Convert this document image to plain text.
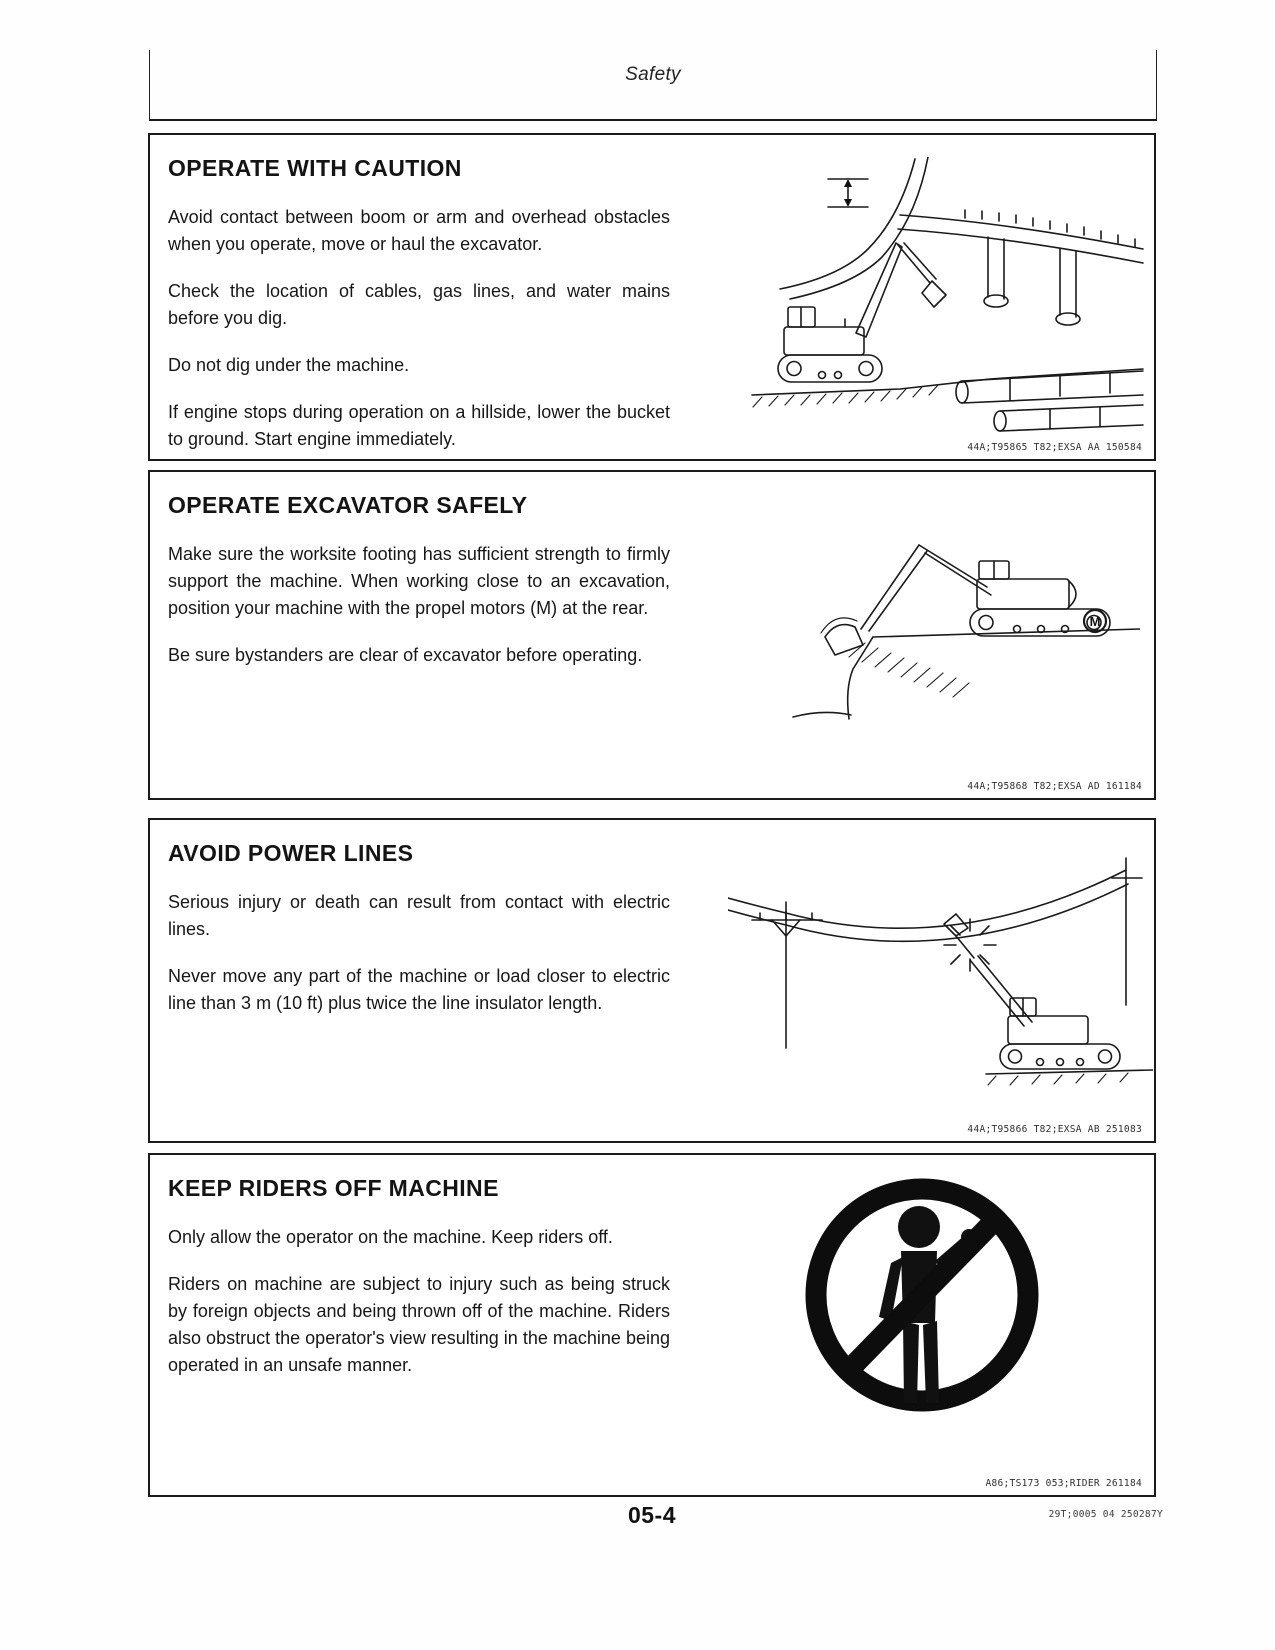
Safety
OPERATE WITH CAUTION

Avoid contact between boom or arm and overhead obstacles when you operate, move or haul the excavator.

Check the location of cables, gas lines, and water mains before you dig.

Do not dig under the machine.

If engine stops during operation on a hillside, lower the bucket to ground. Start engine immediately.	44A;T95865 T82;EXSA AA 150584
OPERATE EXCAVATOR SAFELY

Make sure the worksite footing has sufficient strength to firmly support the machine. When working close to an excavation, position your machine with the propel motors (M) at the rear.

Be sure bystanders are clear of excavator before operating.

M
44A;T95868 T82;EXSA AD 161184
AVOID POWER LINES

Serious injury or death can result from contact with electric lines.

Never move any part of the machine or load closer to electric line than 3 m (10 ft) plus twice the line insulator length.

44A;T95866 T82;EXSA AB 251083
KEEP RIDERS OFF MACHINE

Only allow the operator on the machine. Keep riders off.

Riders on machine are subject to injury such as being struck by foreign objects and being thrown off of the machine. Riders also obstruct the operator's view resulting in the machine being operated in an unsafe manner.

A86;TS173 053;RIDER 261184
05-4	29T;0005 04 250287Y
